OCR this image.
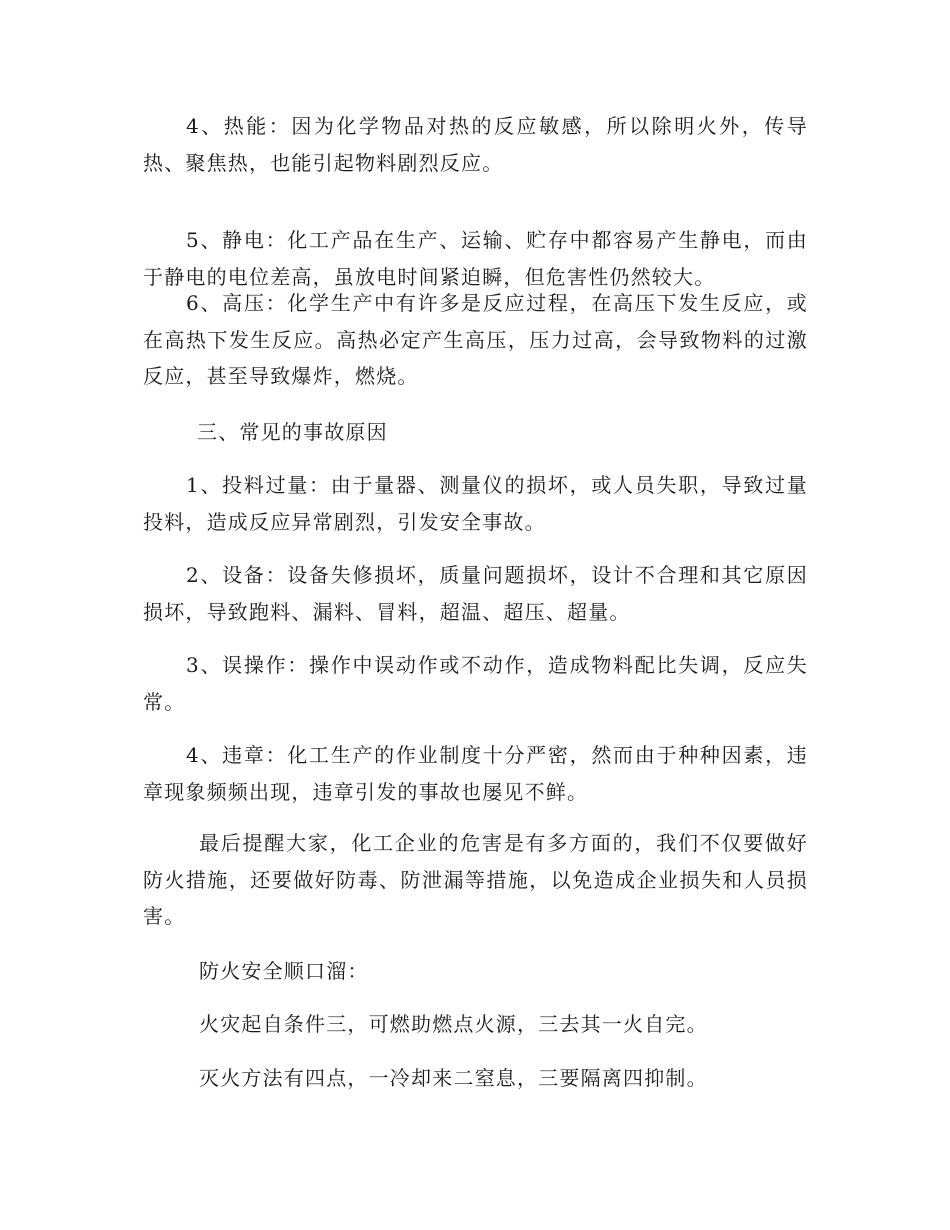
4、热能：因为化学物品对热的反应敏感，所以除明火外，传导热、聚焦热，也能引起物料剧烈反应。

5、静电：化工产品在生产、运输、贮存中都容易产生静电，而由于静电的电位差高，虽放电时间紧迫瞬，但危害性仍然较大。

6、高压：化学生产中有许多是反应过程，在高压下发生反应，或在高热下发生反应。高热必定产生高压，压力过高，会导致物料的过激反应，甚至导致爆炸，燃烧。

三、常见的事故原因

1、投料过量：由于量器、测量仪的损坏，或人员失职，导致过量投料，造成反应异常剧烈，引发安全事故。

2、设备：设备失修损坏，质量问题损坏，设计不合理和其它原因损坏，导致跑料、漏料、冒料，超温、超压、超量。

3、误操作：操作中误动作或不动作，造成物料配比失调，反应失常。

4、违章：化工生产的作业制度十分严密，然而由于种种因素，违章现象频频出现，违章引发的事故也屡见不鲜。

最后提醒大家，化工企业的危害是有多方面的，我们不仅要做好防火措施，还要做好防毒、防泄漏等措施，以免造成企业损失和人员损害。

防火安全顺口溜：

火灾起自条件三，可燃助燃点火源，三去其一火自完。

灭火方法有四点，一冷却来二窒息，三要隔离四抑制。
